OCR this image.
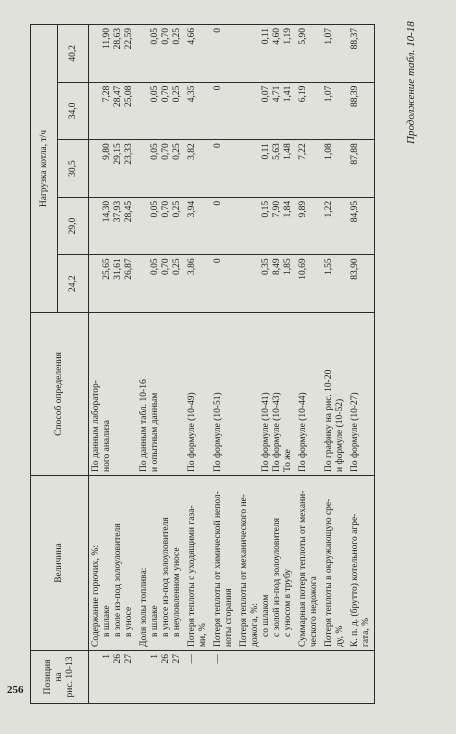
256
Продолжение табл. 10-18
Позиция на рис. 10-13	Величина	Способ определения	Нагрузка котла, т/ч				
			24,2	29,0	30,5	34,0	40,2

1 26 27	Содержание горючих, %: в шлаке в золе из-под золоуловителя в уносе	По данным лаборатор- ного анализа	25,65 31,61 26,87	14,30 37,93 28,45	9,80 29,15 23,33	7,28 28,47 25,08	11,90 28,63 22,59

1 26 27	Доля золы топлива: в шлаке в уносе из-под золоуловителя в неуловленном уносе	По данным табл. 10-16 и опытным данным	0,05 0,70 0,25	0,05 0,70 0,25	0,05 0,70 0,25	0,05 0,70 0,25	0,05 0,70 0,25

—	Потеря теплоты с уходящими газа- ми, %	По формуле (10-49)	3,86	3,94	3,82	4,35	4,66

—	Потеря теплоты от химической непол- ноты сгорания	По формуле (10-51)	0	0	0	0	0

	Потеря теплоты от механического не- дожога, %: со шлаком с золой из-под золоуловителя с уносом в трубу	По формуле (10-41) По формуле (10-43) То же	0,35 8,49 1,85	0,15 7,90 1,84	0,11 5,63 1,48	0,07 4,71 1,41	0,11 4,60 1,19

	Суммарная потеря теплоты от механи- ческого недожога	По формуле (10-44)	10,69	9,89	7,22	6,19	5,90

	Потеря теплоты в окружающую сре- ду, %	По графику на рис. 10-20 и формуле (10-52)	1,55	1,22	1,08	1,07	1,07

	К. п. д. (брутто) котельного агре- гата, %	По формуле (10-27)	83,90	84,95	87,88	88,39	88,37
